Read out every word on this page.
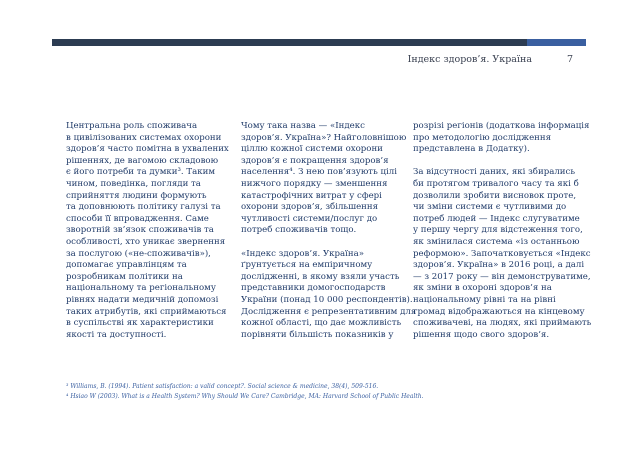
Індекс здоров’я. Україна	7

Центральна роль споживача
в цивілізованих системах охорони
здоров’я часто помітна в ухвалених
рішеннях, де вагомою складовою
є його потреби та думки³. Таким
чином, поведінка, погляди та
сприйняття людини формують
та доповнюють політику галузі та
способи її впровадження. Саме
зворотній зв’язок споживачів та
особливості, хто уникає звернення
за послугою («не-споживачів»),
допомагає управлінцям та
розробникам політики на
національному та регіональному
рівнях надати медичній допомозі
таких атрибутів, які сприймаються
в суспільстві як характеристики
якості та доступності.

Чому така назва — «Індекс
здоров’я. Україна»? Найголовнішою
ціллю кожної системи охорони
здоров’я є покращення здоров’я
населення⁴. З нею пов’язують цілі
нижчого порядку — зменшення
катастрофічних витрат у сфері
охорони здоров’я, збільшення
чутливості системи/послуг до
потреб споживачів тощо.

«Індекс здоров’я. Україна»
ґрунтується на емпіричному
дослідженні, в якому взяли участь
представники домогосподарств
України (понад 10 000 респондентів).
Дослідження є репрезентативним для
кожної області, що дає можливість
порівняти більшість показників у

розрізі регіонів (додаткова інформація
про методологію дослідження
представлена в Додатку).

За відсутності даних, які збирались
би протягом тривалого часу та які б
дозволили зробити висновок проте,
чи зміни системи є чутливими до
потреб людей — Індекс слугуватиме
у першу чергу для відстеження того,
як змінилася система «із останньою
реформою». Започатковується «Індекс
здоров’я. Україна» в 2016 році, а далі
— з 2017 року — він демонструватиме,
як зміни в охороні здоров’я на
національному рівні та на рівні
громад відображаються на кінцевому
споживачеві, на людях, які приймають
рішення щодо свого здоров’я.

³ Williams, B. (1994). Patient satisfaction: a valid concept?. Social science & medicine, 38(4), 509-516.
⁴ Hsiao W (2003). What is a Health System? Why Should We Care? Cambridge, MA: Harvard School of Public Health.
